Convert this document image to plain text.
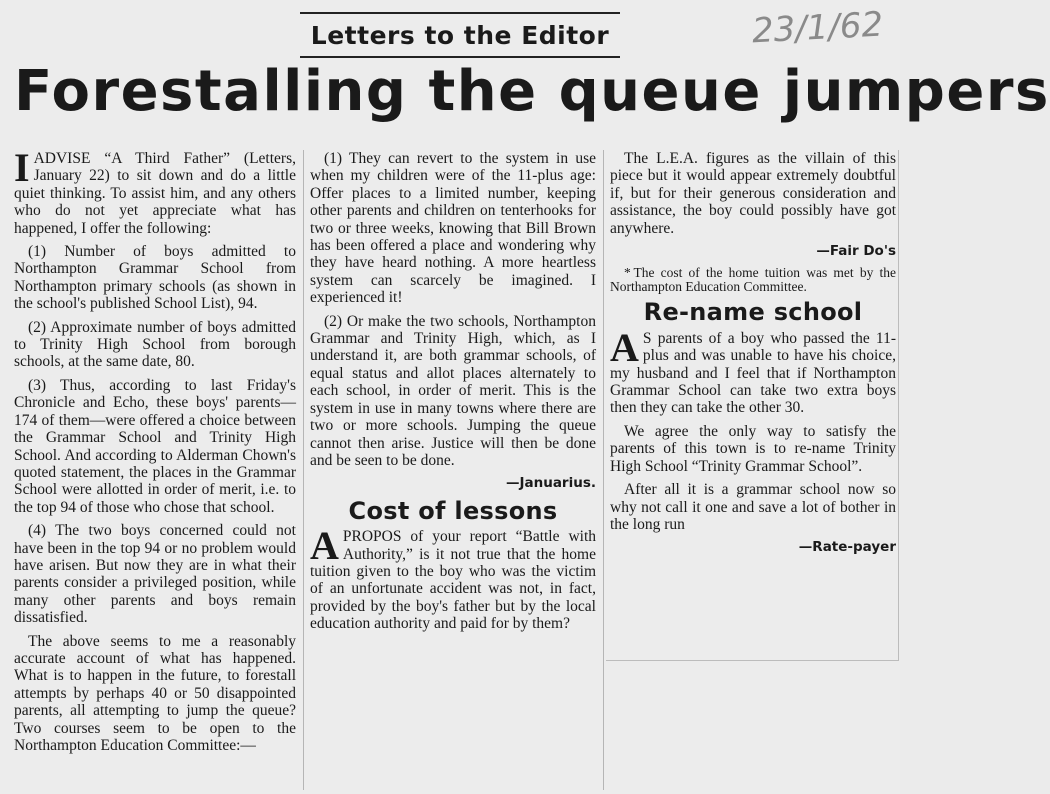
Letters to the Editor	23/1/62
Forestalling the queue jumpers

IADVISE “A Third Father” (Letters, January 22) to sit down and do a little quiet thinking. To assist him, and any others who do not yet appreciate what has happened, I offer the following:

(1) Number of boys admitted to Northampton Grammar School from Northampton primary schools (as shown in the school's published School List), 94.

(2) Approximate number of boys admitted to Trinity High School from borough schools, at the same date, 80.

(3) Thus, according to last Friday's Chronicle and Echo, these boys' parents—174 of them—were offered a choice between the Grammar School and Trinity High School. And according to Alderman Chown's quoted statement, the places in the Grammar School were allotted in order of merit, i.e. to the top 94 of those who chose that school.

(4) The two boys concerned could not have been in the top 94 or no problem would have arisen. But now they are in what their parents consider a privileged position, while many other parents and boys remain dissatisfied.

The above seems to me a reasonably accurate account of what has happened. What is to happen in the future, to forestall attempts by perhaps 40 or 50 disappointed parents, all attempting to jump the queue? Two courses seem to be open to the Northampton Education Committee:—

(1) They can revert to the system in use when my children were of the 11-plus age: Offer places to a limited number, keeping other parents and children on tenterhooks for two or three weeks, knowing that Bill Brown has been offered a place and wondering why they have heard nothing. A more heartless system can scarcely be imagined. I experienced it!

(2) Or make the two schools, Northampton Grammar and Trinity High, which, as I understand it, are both grammar schools, of equal status and allot places alternately to each school, in order of merit. This is the system in use in many towns where there are two or more schools. Jumping the queue cannot then arise. Justice will then be done and be seen to be done.

—Januarius.
Cost of lessons

APROPOS of your report “Battle with Authority,” is it not true that the home tuition given to the boy who was the victim of an unfortunate accident was not, in fact, provided by the boy's father but by the local education authority and paid for by them?

The L.E.A. figures as the villain of this piece but it would appear extremely doubtful if, but for their generous consideration and assistance, the boy could possibly have got anywhere.

—Fair Do's

* The cost of the home tuition was met by the Northampton Education Committee.

Re-name school

A S parents of a boy who passed the 11-plus and was unable to have his choice, my husband and I feel that if Northampton Grammar School can take two extra boys then they can take the other 30.

We agree the only way to satisfy the parents of this town is to re-name Trinity High School “Trinity Grammar School”.

After all it is a grammar school now so why not call it one and save a lot of bother in the long run

—Rate-payer
